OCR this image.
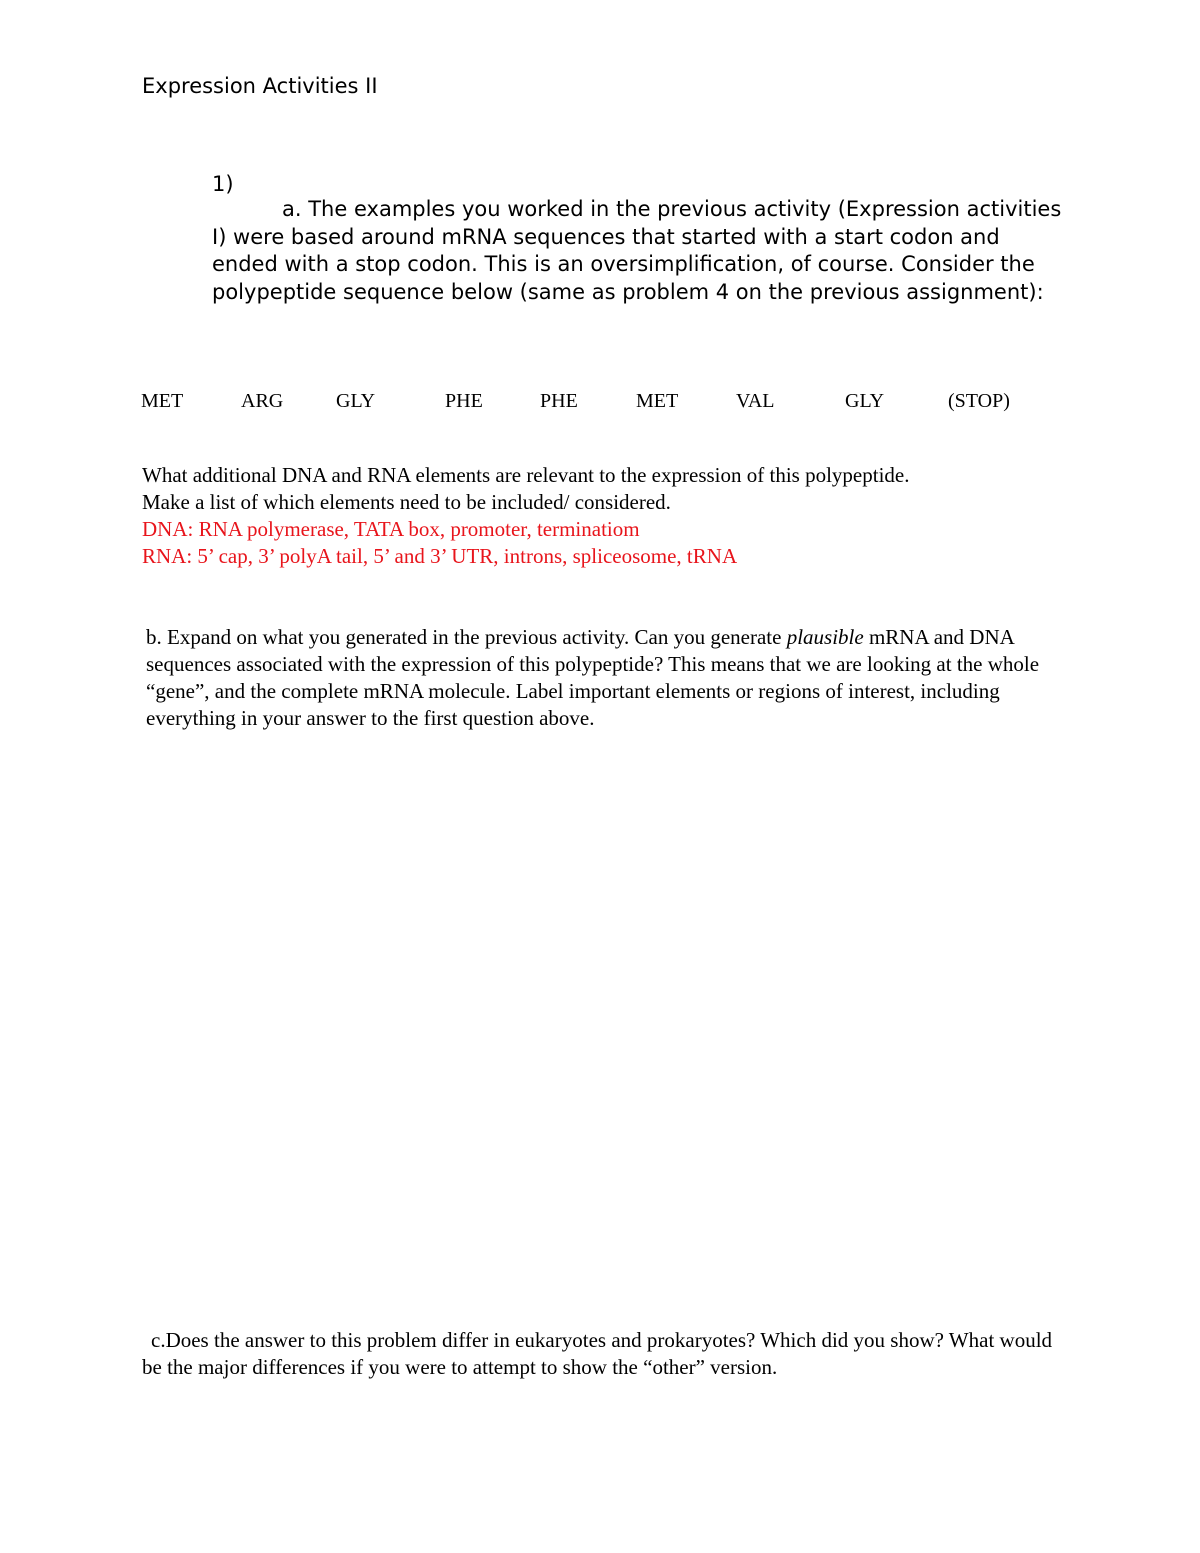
Expression Activities II
1)
a. The examples you worked in the previous activity (Expression activities I) were based around mRNA sequences that started with a start codon and ended with a stop codon. This is an oversimplification, of course. Consider the polypeptide sequence below (same as problem 4 on the previous assignment):
MET	ARG	GLY	PHE	PHE	MET	VAL	GLY	(STOP)
What additional DNA and RNA elements are relevant to the expression of this polypeptide.
Make a list of which elements need to be included/ considered.
DNA: RNA polymerase, TATA box, promoter, terminatiom
RNA: 5’ cap, 3’ polyA tail, 5’ and 3’ UTR, introns, spliceosome, tRNA
b. Expand on what you generated in the previous activity. Can you generate plausible mRNA and DNA sequences associated with the expression of this polypeptide? This means that we are looking at the whole “gene”, and the complete mRNA molecule. Label important elements or regions of interest, including everything in your answer to the first question above.
c.Does the answer to this problem differ in eukaryotes and prokaryotes? Which did you show? What would be the major differences if you were to attempt to show the “other” version.
